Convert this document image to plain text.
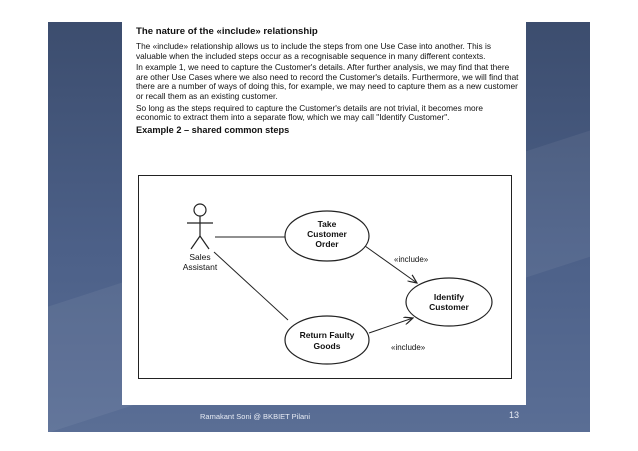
The nature of the «include» relationship
The «include» relationship allows us to include the steps from one Use Case into another. This is valuable when the included steps occur as a recognisable sequence in many different contexts.
In example 1, we need to capture the Customer's details. After further analysis, we may find that there are other Use Cases where we also need to record the Customer's details. Furthermore, we will find that there are a number of ways of doing this, for example, we may need to capture them as a new customer or recall them as an existing customer.
So long as the steps required to capture the Customer's details are not trivial, it becomes more economic to extract them into a separate flow, which we may call "Identify Customer".
Example 2 – shared common steps
Sales
Assistant
Take
Customer
Order
Identify
Customer
Return Faulty
Goods
«include»
«include»
Ramakant Soni @ BKBIET Pilani	13
